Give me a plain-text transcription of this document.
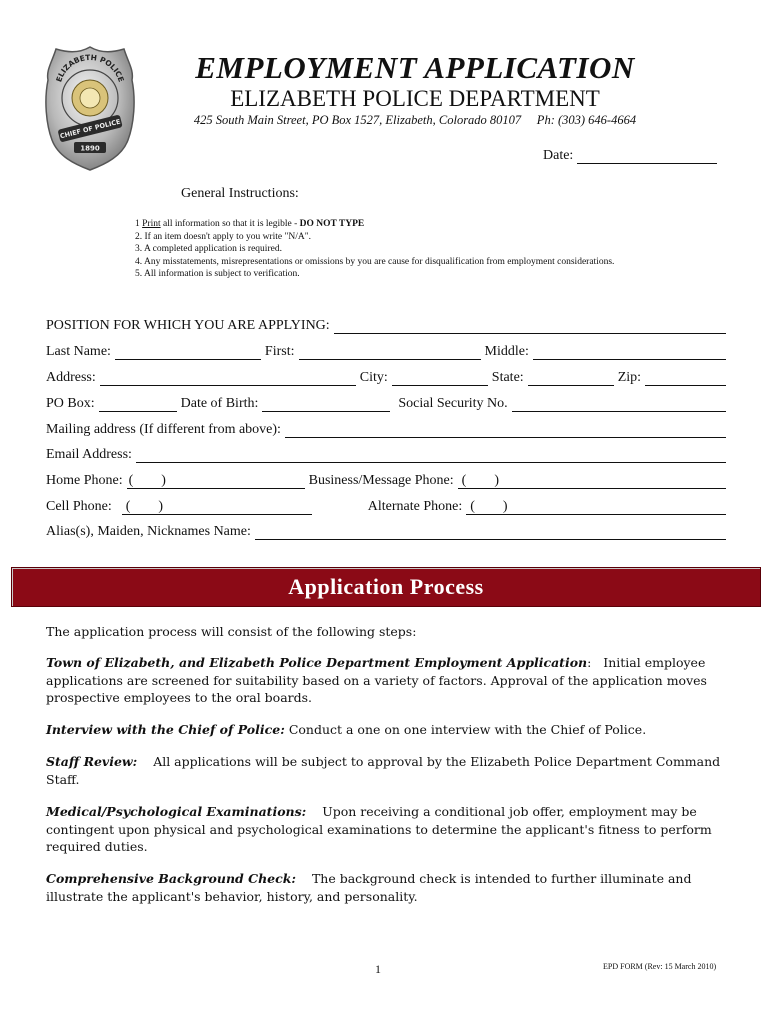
ELIZABETH POLICE
CHIEF OF POLICE
1890
EMPLOYMENT APPLICATION
ELIZABETH POLICE DEPARTMENT
425 South Main Street, PO Box 1527, Elizabeth, Colorado 80107     Ph: (303) 646-4664
Date:
General Instructions:
1 Print all information so that it is legible - DO NOT TYPE
2. If an item doesn't apply to you write "N/A".
3. A completed application is required.
4. Any misstatements, misrepresentations or omissions by you are cause for disqualification from employment considerations.
5. All information is subject to verification.
POSITION FOR WHICH YOU ARE APPLYING:
Last Name:	First:	Middle:
Address:	City:	State:	Zip:
PO Box:	Date of Birth:	Social Security No.
Mailing address (If different from above):
Email Address:
Home Phone: (        )	Business/Message Phone: (        )
Cell Phone: (        )	Alternate Phone: (        )
Alias(s), Maiden, Nicknames Name:
Application Process
The application process will consist of the following steps:
Town of Elizabeth, and Elizabeth Police Department Employment Application:   Initial employee applications are screened for suitability based on a variety of factors. Approval of the application moves prospective employees to the oral boards.
Interview with the Chief of Police: Conduct a one on one interview with the Chief of Police.
Staff Review: All applications will be subject to approval by the Elizabeth Police Department Command Staff.
Medical/Psychological Examinations: Upon receiving a conditional job offer, employment may be contingent upon physical and psychological examinations to determine the applicant's fitness to perform required duties.
Comprehensive Background Check: The background check is intended to further illuminate and illustrate the applicant's behavior, history, and personality.
1	EPD FORM (Rev: 15 March 2010)
